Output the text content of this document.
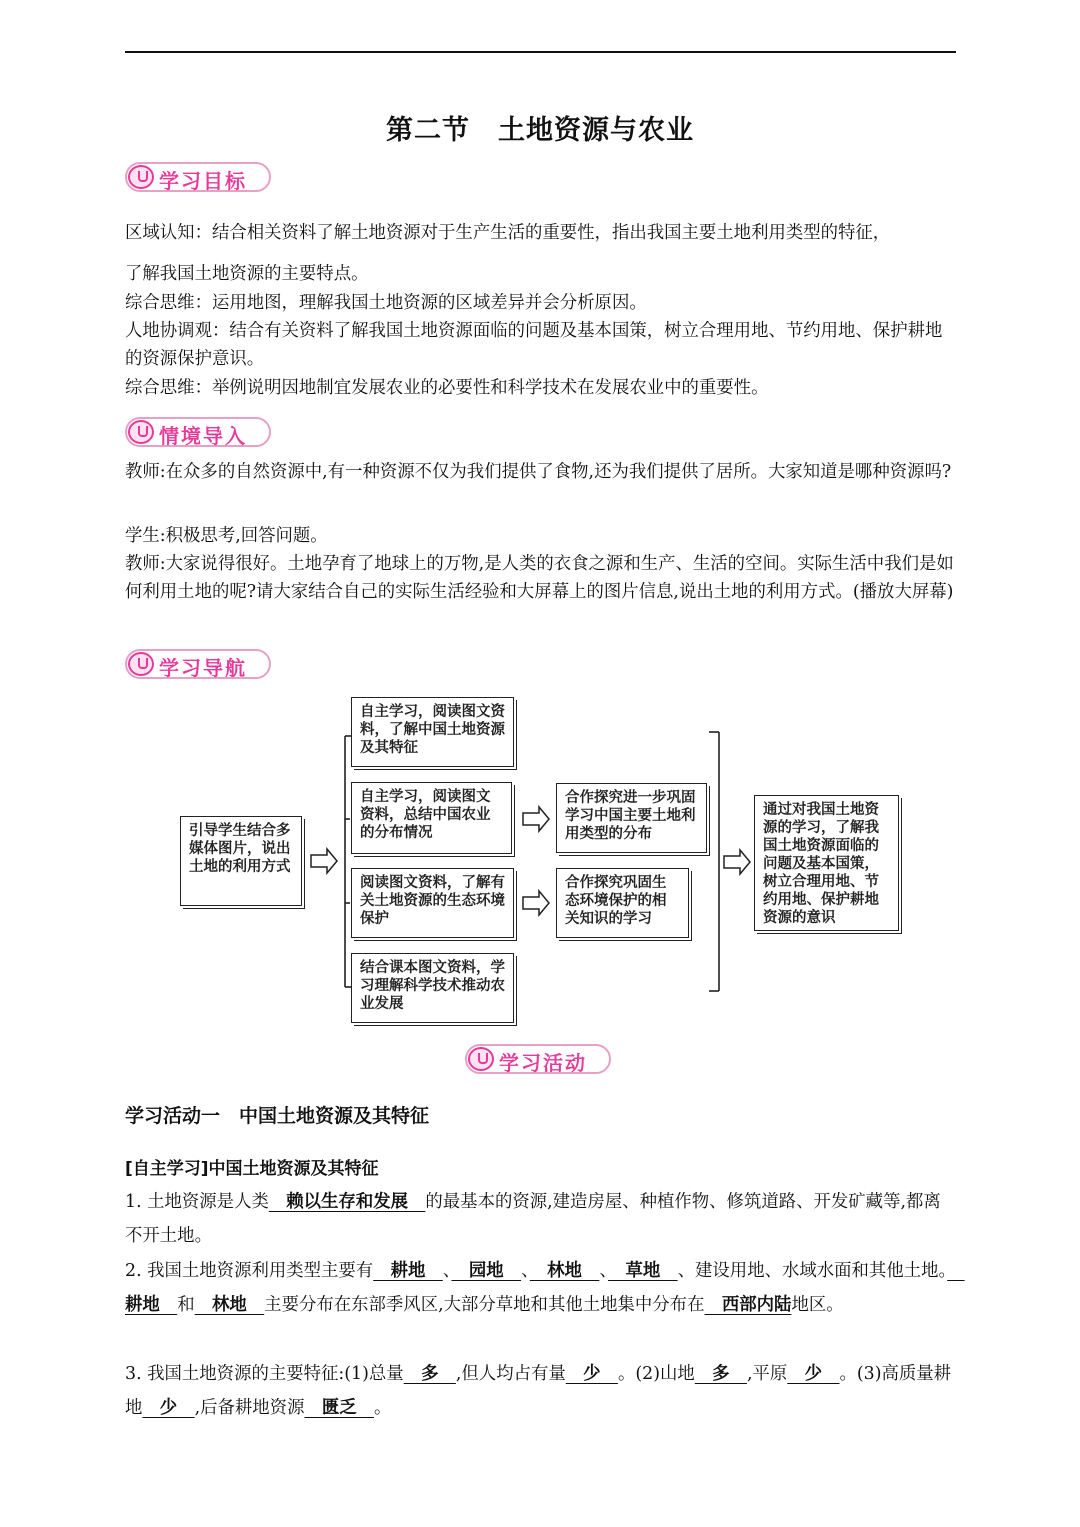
第二节　土地资源与农业
学习目标

区域认知：结合相关资料了解土地资源对于生产生活的重要性，指出我国主要土地利用类型的特征，

了解我国土地资源的主要特点。

综合思维：运用地图，理解我国土地资源的区域差异并会分析原因。

人地协调观：结合有关资料了解我国土地资源面临的问题及基本国策，树立合理用地、节约用地、保护耕地的资源保护意识。

综合思维：举例说明因地制宜发展农业的必要性和科学技术在发展农业中的重要性。

情境导入

教师:在众多的自然资源中,有一种资源不仅为我们提供了食物,还为我们提供了居所。大家知道是哪种资源吗?

学生:积极思考,回答问题。

教师:大家说得很好。土地孕育了地球上的万物,是人类的衣食之源和生产、生活的空间。实际生活中我们是如何利用土地的呢?请大家结合自己的实际生活经验和大屏幕上的图片信息,说出土地的利用方式。(播放大屏幕)

学习导航
引导学生结合多媒体图片，说出土地的利用方式
自主学习，阅读图文资料，了解中国土地资源及其特征
自主学习，阅读图文资料，总结中国农业的分布情况
阅读图文资料，了解有关土地资源的生态环境保护
结合课本图文资料，学习理解科学技术推动农业发展
合作探究进一步巩固学习中国主要土地利用类型的分布
合作探究巩固生态环境保护的相关知识的学习
通过对我国土地资源的学习，了解我国土地资源面临的问题及基本国策，树立合理用地、节约用地、保护耕地资源的意识
学习活动
学习活动一　中国土地资源及其特征
[自主学习]中国土地资源及其特征

1. 土地资源是人类　赖以生存和发展　的最基本的资源,建造房屋、种植作物、修筑道路、开发矿藏等,都离不开土地。

2. 我国土地资源利用类型主要有　耕地　、　园地　、　林地　、　草地　、建设用地、水域水面和其他土地。　耕地　和　林地　主要分布在东部季风区,大部分草地和其他土地集中分布在　西部内陆地区。

3. 我国土地资源的主要特征:(1)总量　多　,但人均占有量　少　。(2)山地　多　,平原　少　。(3)高质量耕地　少　,后备耕地资源　匮乏　。
